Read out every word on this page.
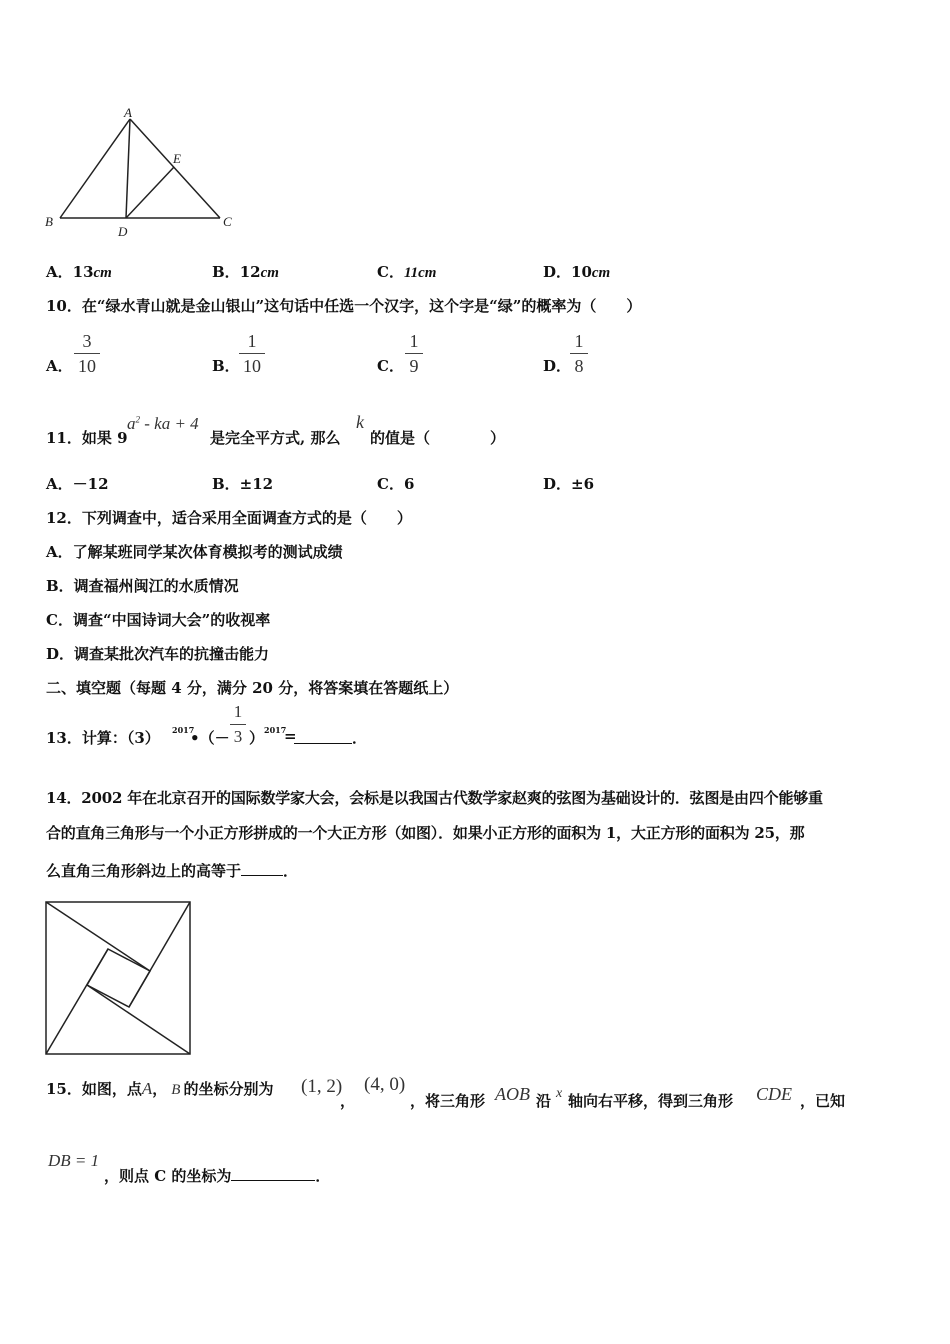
A
B	C
D
E
A．13cm	B．12cm	C．11cm	D．10cm
10．在“绿水青山就是金山银山”这句话中任选一个汉字，这个字是“绿”的概率为（　　）
A．
3
10	B．
1
10	C．
1
9	D．
1
8
11．如果 9
$a^2$ - ka + 4
是完全平方式, 那么
k
的值是（　　　　）
A．－12	B．±12	C．6	D．±6
12．下列调查中，适合采用全面调查方式的是（　　）
A．了解某班同学某次体育模拟考的测试成绩
B．调查福州闽江的水质情况
C．调查“中国诗词大会”的收视率
D．调查某批次汽车的抗撞击能力
二、填空题（每题 4 分，满分 20 分，将答案填在答题纸上）
13．计算：（3） 2017
•（－
1
3 ） 2017
=	．
14．2002 年在北京召开的国际数学家大会，会标是以我国古代数学家赵爽的弦图为基础设计的．弦图是由四个能够重
合的直角三角形与一个小正方形拼成的一个大正方形（如图）．如果小正方形的面积为 1，大正方形的面积为 25，那
么直角三角形斜边上的高等于	．
15．如图，点A， B 的坐标分别为 (1, 2)
，
(4, 0)
，将三角形 AOB 沿 x 轴向右平移，得到三角形 CDE ，已知
DB = 1
，则点 C 的坐标为	．
